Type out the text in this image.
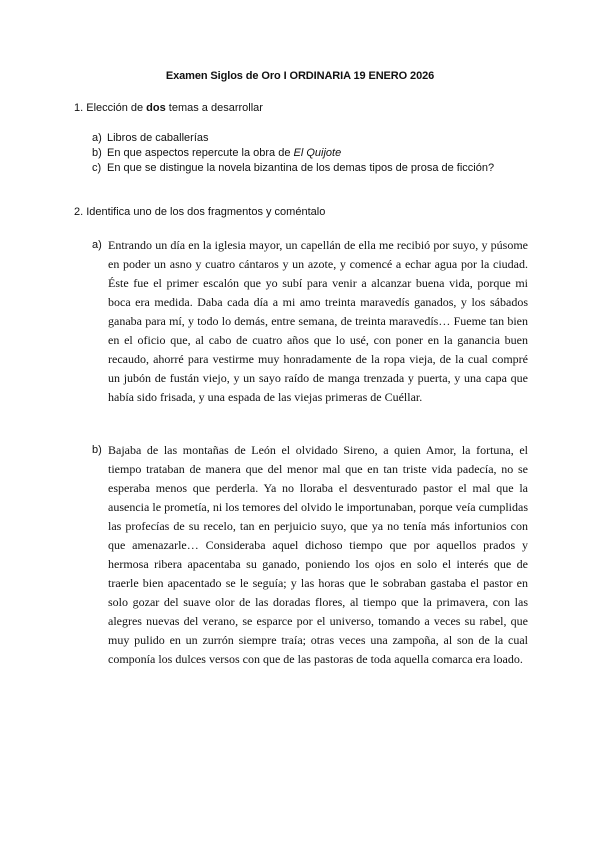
Examen Siglos de Oro I ORDINARIA 19 ENERO 2026
1. Elección de dos temas a desarrollar
a) Libros de caballerías
b) En que aspectos repercute la obra de El Quijote
c) En que se distingue la novela bizantina de los demas tipos de prosa de ficción?
2. Identifica uno de los dos fragmentos y coméntalo
a) Entrando un día en la iglesia mayor, un capellán de ella me recibió por suyo, y púsome en poder un asno y cuatro cántaros y un azote, y comencé a echar agua por la ciudad. Éste fue el primer escalón que yo subí para venir a alcanzar buena vida, porque mi boca era medida. Daba cada día a mi amo treinta maravedís ganados, y los sábados ganaba para mí, y todo lo demás, entre semana, de treinta maravedís… Fueme tan bien en el oficio que, al cabo de cuatro años que lo usé, con poner en la ganancia buen recaudo, ahorré para vestirme muy honradamente de la ropa vieja, de la cual compré un jubón de fustán viejo, y un sayo raído de manga trenzada y puerta, y una capa que había sido frisada, y una espada de las viejas primeras de Cuéllar.
b) Bajaba de las montañas de León el olvidado Sireno, a quien Amor, la fortuna, el tiempo trataban de manera que del menor mal que en tan triste vida padecía, no se esperaba menos que perderla. Ya no lloraba el desventurado pastor el mal que la ausencia le prometía, ni los temores del olvido le importunaban, porque veía cumplidas las profecías de su recelo, tan en perjuicio suyo, que ya no tenía más infortunios con que amenazarle… Consideraba aquel dichoso tiempo que por aquellos prados y hermosa ribera apacentaba su ganado, poniendo los ojos en solo el interés que de traerle bien apacentado se le seguía; y las horas que le sobraban gastaba el pastor en solo gozar del suave olor de las doradas flores, al tiempo que la primavera, con las alegres nuevas del verano, se esparce por el universo, tomando a veces su rabel, que muy pulido en un zurrón siempre traía; otras veces una zampoña, al son de la cual componía los dulces versos con que de las pastoras de toda aquella comarca era loado.
